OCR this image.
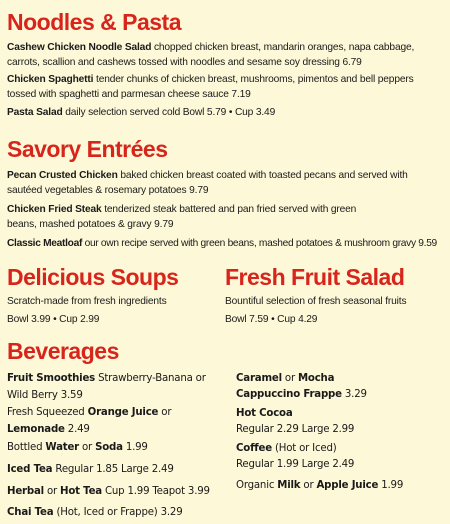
Noodles & Pasta

Cashew Chicken Noodle Salad chopped chicken breast, mandarin oranges, napa cabbage, carrots, scallion and cashews tossed with noodles and sesame soy dressing 6.79

Chicken Spaghetti tender chunks of chicken breast, mushrooms, pimentos and bell peppers tossed with spaghetti and parmesan cheese sauce 7.19

Pasta Salad daily selection served cold Bowl 5.79 • Cup 3.49

Savory Entrées

Pecan Crusted Chicken baked chicken breast coated with toasted pecans and served with sautéed vegetables & rosemary potatoes 9.79

Chicken Fried Steak tenderized steak battered and pan fried served with green beans, mashed potatoes & gravy 9.79

Classic Meatloaf our own recipe served with green beans, mashed potatoes & mushroom gravy 9.59

Delicious Soups

Scratch-made from fresh ingredients

Bowl 3.99 • Cup 2.99

Fresh Fruit Salad

Bountiful selection of fresh seasonal fruits

Bowl 7.59 • Cup 4.29

Beverages

Fruit Smoothies Strawberry-Banana or Wild Berry 3.59

Fresh Squeezed Orange Juice or Lemonade 2.49

Bottled Water or Soda 1.99

Iced Tea Regular 1.85 Large 2.49

Herbal or Hot Tea Cup 1.99 Teapot 3.99

Chai Tea (Hot, Iced or Frappe) 3.29

Caramel or Mocha

Cappuccino Frappe 3.29

Hot Cocoa

Regular 2.29 Large 2.99

Coffee (Hot or Iced)

Regular 1.99 Large 2.49

Organic Milk or Apple Juice 1.99
